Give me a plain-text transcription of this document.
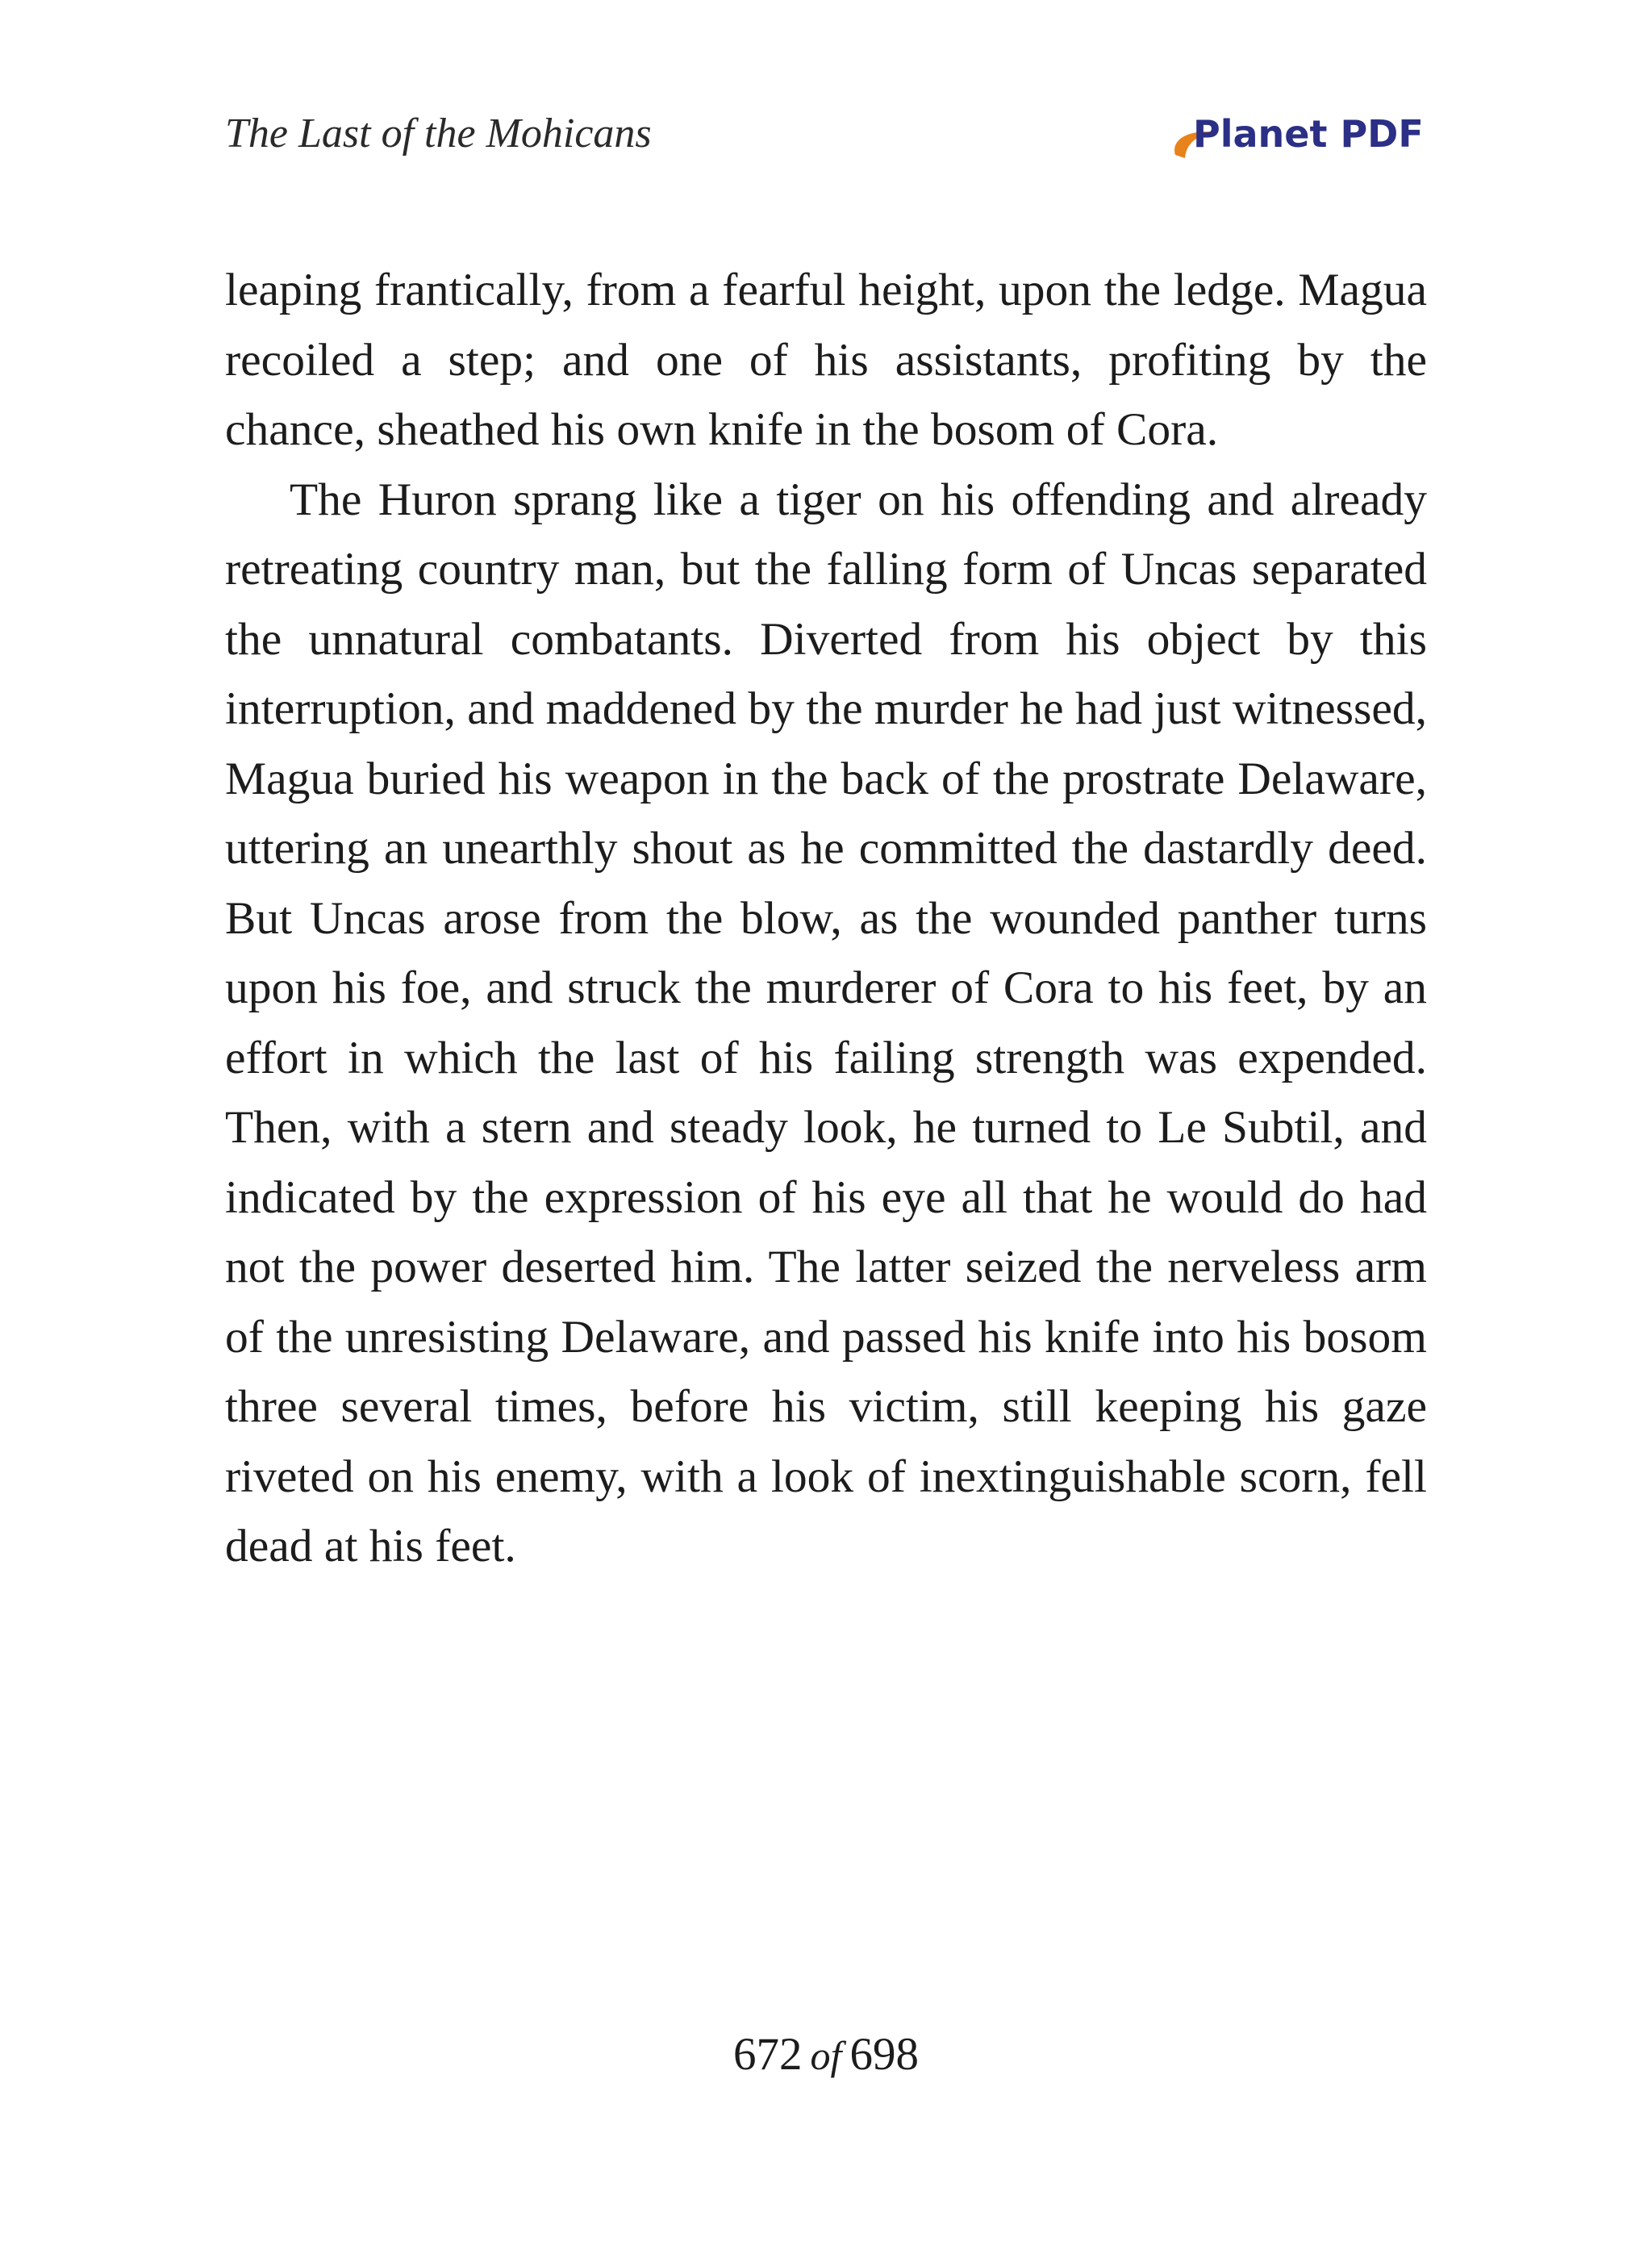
The Last of the Mohicans	Planet PDF

leaping frantically, from a fearful height, upon the ledge. Magua recoiled a step; and one of his assistants, profiting by the chance, sheathed his own knife in the bosom of Cora.

The Huron sprang like a tiger on his offending and already retreating country man, but the falling form of Uncas separated the unnatural combatants. Diverted from his object by this interruption, and maddened by the murder he had just witnessed, Magua buried his weapon in the back of the prostrate Delaware, uttering an unearthly shout as he committed the dastardly deed. But Uncas arose from the blow, as the wounded panther turns upon his foe, and struck the murderer of Cora to his feet, by an effort in which the last of his failing strength was expended. Then, with a stern and steady look, he turned to Le Subtil, and indicated by the expression of his eye all that he would do had not the power deserted him. The latter seized the nerveless arm of the unresisting Delaware, and passed his knife into his bosom three several times, before his victim, still keeping his gaze riveted on his enemy, with a look of inextinguishable scorn, fell dead at his feet.

672 of 698
